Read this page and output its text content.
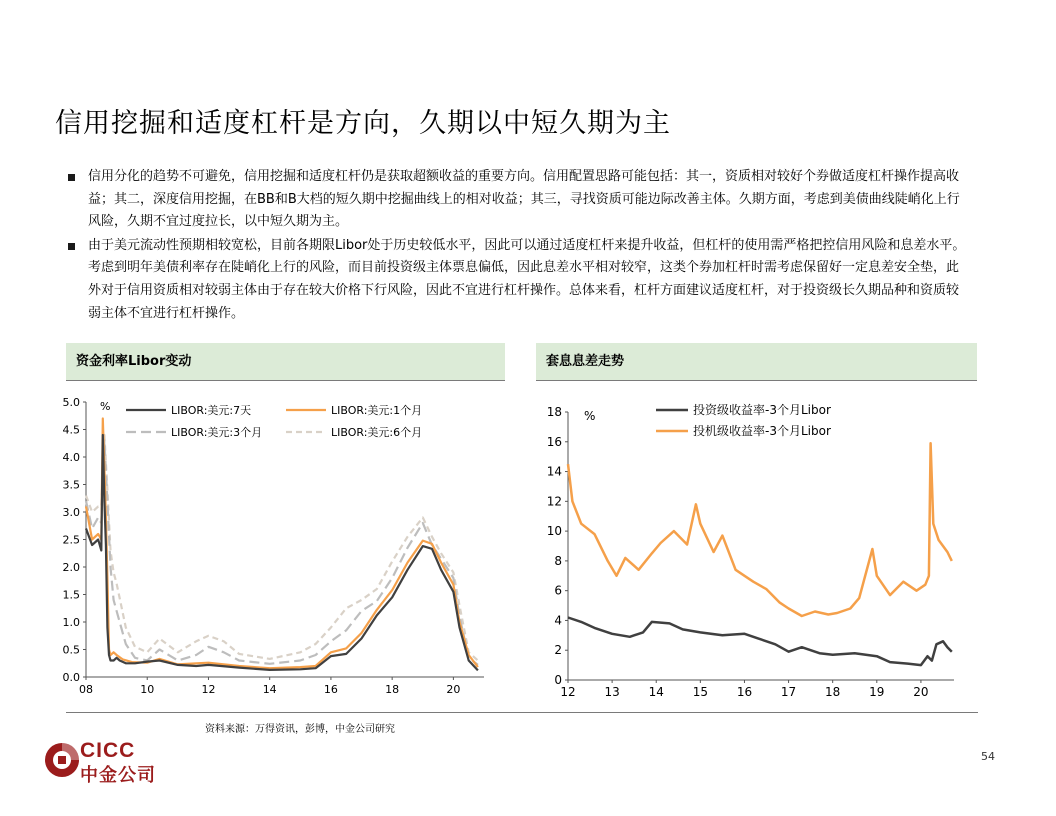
信用挖掘和适度杠杆是方向，久期以中短久期为主
信用分化的趋势不可避免，信用挖掘和适度杠杆仍是获取超额收益的重要方向。信用配置思路可能包括：其一，资质相对较好个券做适度杠杆操作提高收益；其二，深度信用挖掘，在BB和B大档的短久期中挖掘曲线上的相对收益；其三，寻找资质可能边际改善主体。久期方面，考虑到美债曲线陡峭化上行风险，久期不宜过度拉长，以中短久期为主。
由于美元流动性预期相较宽松，目前各期限Libor处于历史较低水平，因此可以通过适度杠杆来提升收益，但杠杆的使用需严格把控信用风险和息差水平。考虑到明年美债利率存在陡峭化上行的风险，而目前投资级主体票息偏低，因此息差水平相对较窄，这类个券加杠杆时需考虑保留好一定息差安全垫，此外对于信用资质相对较弱主体由于存在较大价格下行风险，因此不宜进行杠杆操作。总体来看，杠杆方面建议适度杠杆，对于投资级长久期品种和资质较弱主体不宜进行杠杆操作。
资金利率Libor变动	套息息差走势
5.0
4.5
4.0
3.5
3.0
2.5
2.0
1.5
1.0
0.5
0.0
08	10	12	14	16	18	20
%	LIBOR:美元:7天	LIBOR:美元:1个月
LIBOR:美元:3个月	LIBOR:美元:6个月
18
16
14
12
10
8
6
4
2
0
12 13 14 15 16 17 18 19 20
%	投资级收益率-3个月Libor
投机级收益率-3个月Libor
资料来源：万得资讯，彭博，中金公司研究
54
CICC
中金公司
